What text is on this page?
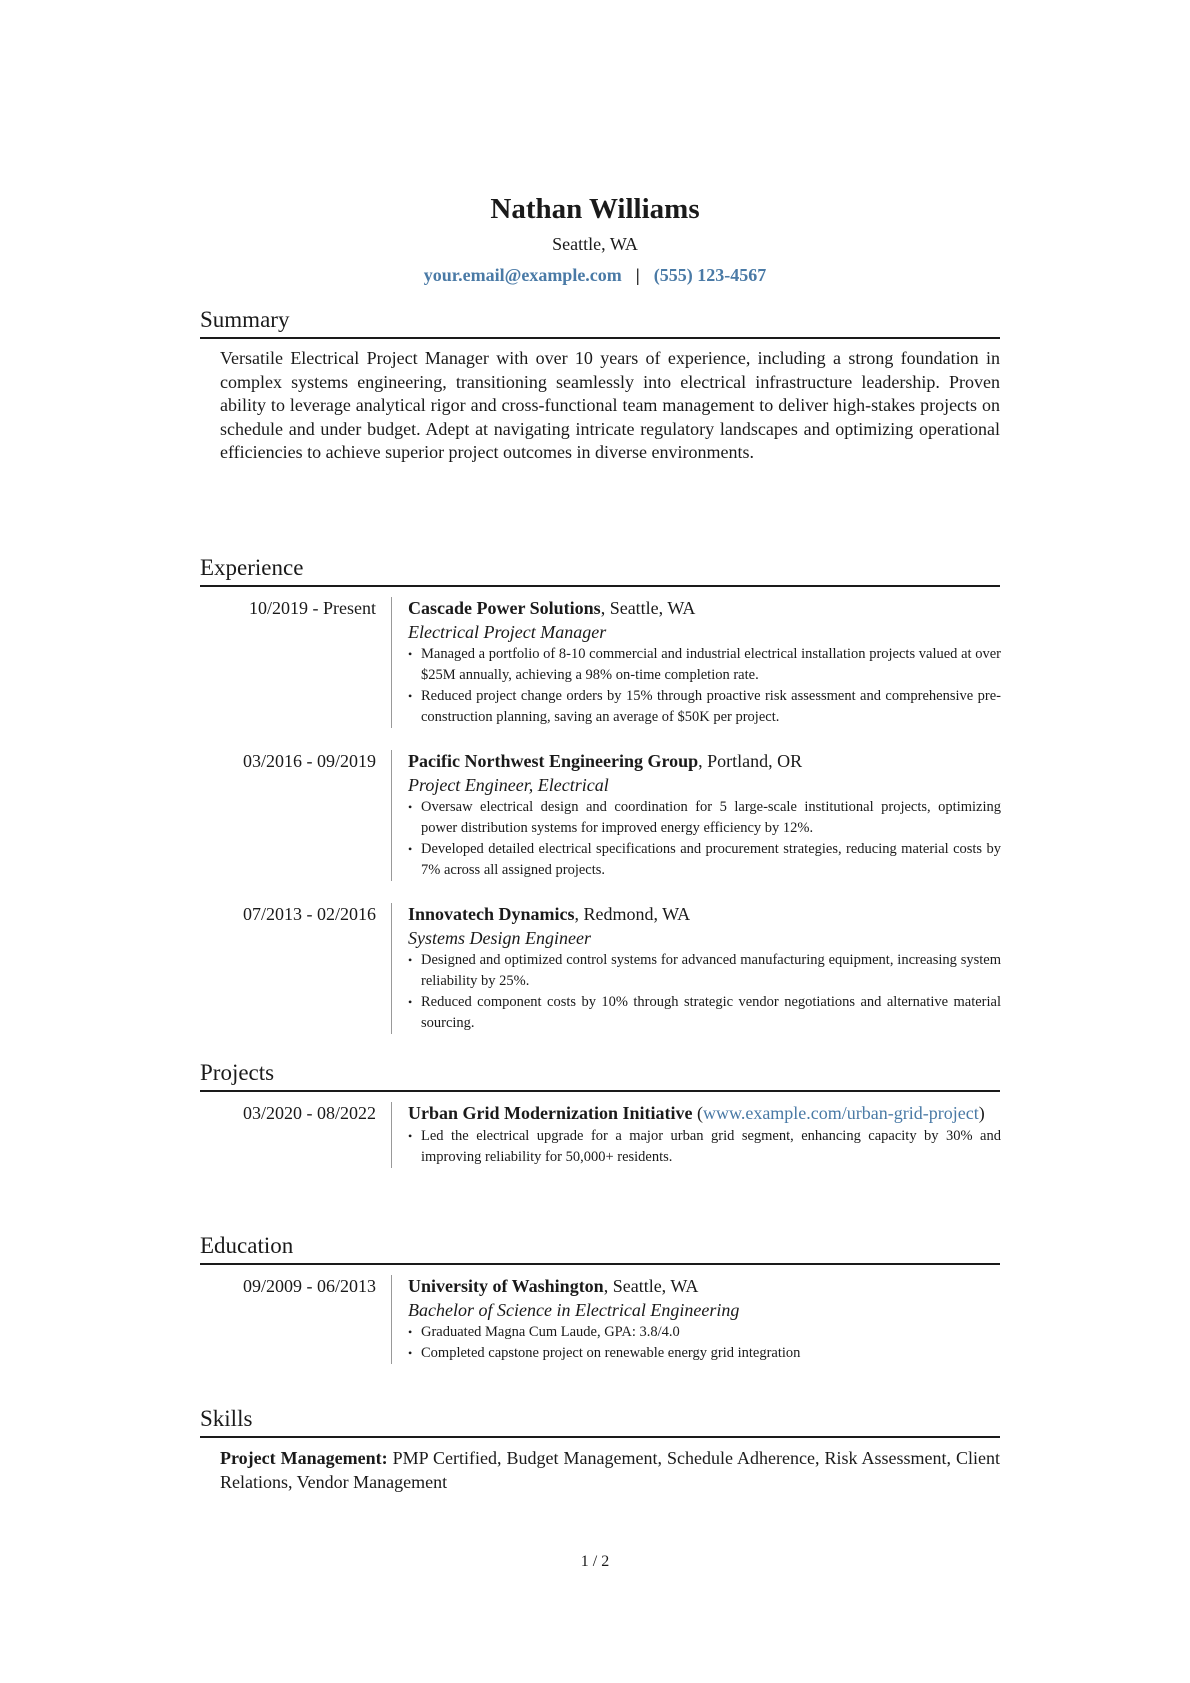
Nathan Williams
Seattle, WA
your.email@example.com | (555) 123-4567
Summary
Versatile Electrical Project Manager with over 10 years of experience, including a strong foundation in complex systems engineering, transitioning seamlessly into electrical infrastructure leadership. Proven ability to leverage analytical rigor and cross-functional team management to deliver high-stakes projects on schedule and under budget. Adept at navigating intricate regulatory landscapes and optimizing operational efficiencies to achieve superior project outcomes in diverse environments.
Experience
10/2019 - Present Cascade Power Solutions, Seattle, WA
Electrical Project Manager
• Managed a portfolio of 8-10 commercial and industrial electrical installation projects valued at over $25M annually, achieving a 98% on-time completion rate.
• Reduced project change orders by 15% through proactive risk assessment and comprehensive pre-construction planning, saving an average of $50K per project.
03/2016 - 09/2019 Pacific Northwest Engineering Group, Portland, OR
Project Engineer, Electrical
• Oversaw electrical design and coordination for 5 large-scale institutional projects, optimizing power distribution systems for improved energy efficiency by 12%.
• Developed detailed electrical specifications and procurement strategies, reducing material costs by 7% across all assigned projects.
07/2013 - 02/2016 Innovatech Dynamics, Redmond, WA
Systems Design Engineer
• Designed and optimized control systems for advanced manufacturing equipment, increasing system reliability by 25%.
• Reduced component costs by 10% through strategic vendor negotiations and alternative material sourcing.
Projects
03/2020 - 08/2022 Urban Grid Modernization Initiative (www.example.com/urban-grid-project)
• Led the electrical upgrade for a major urban grid segment, enhancing capacity by 30% and improving reliability for 50,000+ residents.
Education
09/2009 - 06/2013 University of Washington, Seattle, WA
Bachelor of Science in Electrical Engineering
• Graduated Magna Cum Laude, GPA: 3.8/4.0
• Completed capstone project on renewable energy grid integration
Skills
Project Management: PMP Certified, Budget Management, Schedule Adherence, Risk Assessment, Client Relations, Vendor Management
1 / 2
